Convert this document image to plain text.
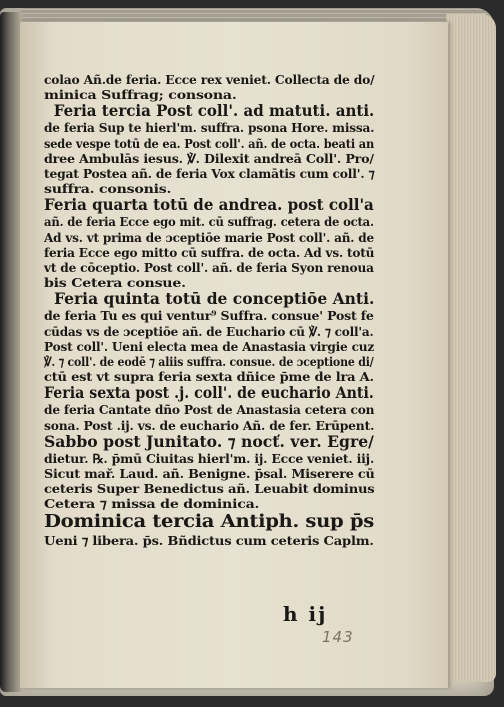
colao Añ.de feria. Ecce rex veniet. Collecta de do/
minica Suffrag; consona.
Feria tercia Post coll'. ad matuti. anti.
de feria Sup te hierl'm. suffra. psona Hore. missa.
sede vespe totū de ea. Post coll'. añ. de octa. beati an
dree Ambulās iesus. ℣. Dilexit andreā Coll'. Pro/
tegat Postea añ. de feria Vox clamātis cum coll'. ⁊
suffra. consonis.
Feria quarta totū de andrea. post coll'a
añ. de feria Ecce ego mit. cū suffrag. cetera de octa.
Ad vs. vt prima de ɔceptiōe marie Post coll'. añ. de
feria Ecce ego mitto cū suffra. de octa. Ad vs. totū
vt de cōceptio. Post coll'. añ. de feria Syon renoua
bis Cetera consue.
Feria quinta totū de conceptiōe Anti.
de feria Tu es qui ventur⁹ Suffra. consue' Post fe
cūdas vs de ɔceptiōe añ. de Euchario cū ℣. ⁊ coll'a.
Post coll'. Ueni electa mea de Anastasia virgie cuz
℣. ⁊ coll'. de eodē ⁊ aliis suffra. consue. de ɔceptione di/
ctū est vt supra feria sexta dñice p̄me de lra A.
Feria sexta post .j. coll'. de euchario Anti.
de feria Cantate dño Post de Anastasia cetera con
sona. Post .ij. vs. de euchario Añ. de fer. Erūpent.
Sabbo post Junitato. ⁊ nocť. ver. Egre/
dietur. ℞. p̄mū Ciuitas hierl'm. ij. Ecce veniet. iij.
Sicut mař. Laud. añ. Benigne. p̄sal. Miserere cū
ceteris Super Benedictus añ. Leuabit dominus
Cetera ⁊ missa de dominica.
Dominica tercia Antiph. sup p̄s
Ueni ⁊ libera. p̄s. Bñdictus cum ceteris Caplm.
h ij
143
